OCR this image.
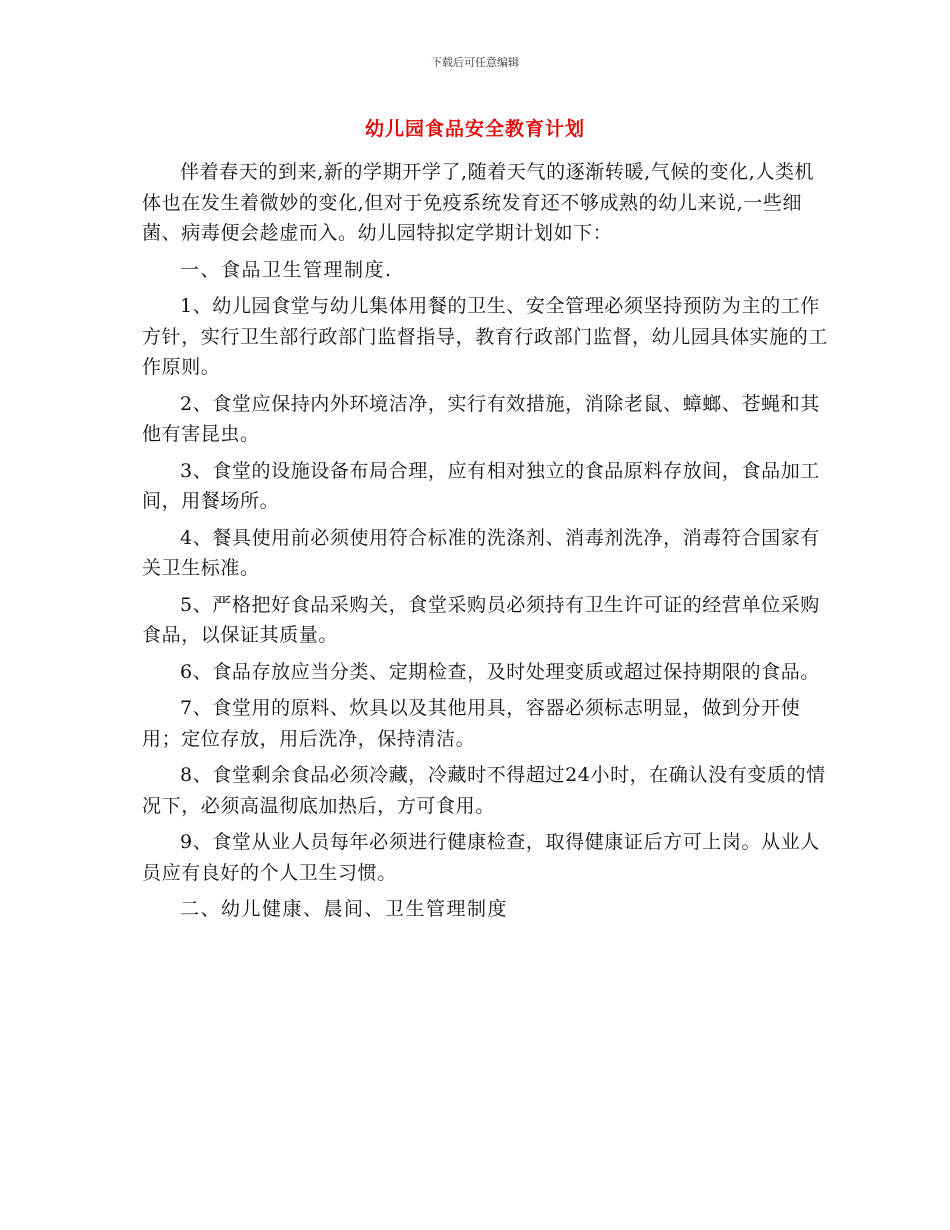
下载后可任意编辑
幼儿园食品安全教育计划

伴着春天的到来,新的学期开学了,随着天气的逐渐转暖,气候的变化,人类机体也在发生着微妙的变化,但对于免疫系统发育还不够成熟的幼儿来说,一些细菌、病毒便会趁虚而入。幼儿园特拟定学期计划如下：

一、食品卫生管理制度.

1、幼儿园食堂与幼儿集体用餐的卫生、安全管理必须坚持预防为主的工作方针，实行卫生部行政部门监督指导，教育行政部门监督，幼儿园具体实施的工作原则。

2、食堂应保持内外环境洁净，实行有效措施，消除老鼠、蟑螂、苍蝇和其他有害昆虫。

3、食堂的设施设备布局合理，应有相对独立的食品原料存放间，食品加工间，用餐场所。

4、餐具使用前必须使用符合标准的洗涤剂、消毒剂洗净，消毒符合国家有关卫生标准。

5、严格把好食品采购关，食堂采购员必须持有卫生许可证的经营单位采购食品，以保证其质量。

6、食品存放应当分类、定期检查，及时处理变质或超过保持期限的食品。

7、食堂用的原料、炊具以及其他用具，容器必须标志明显，做到分开使用；定位存放，用后洗净，保持清洁。

8、食堂剩余食品必须冷藏，冷藏时不得超过24小时，在确认没有变质的情况下，必须高温彻底加热后，方可食用。

9、食堂从业人员每年必须进行健康检查，取得健康证后方可上岗。从业人员应有良好的个人卫生习惯。

二、幼儿健康、晨间、卫生管理制度
